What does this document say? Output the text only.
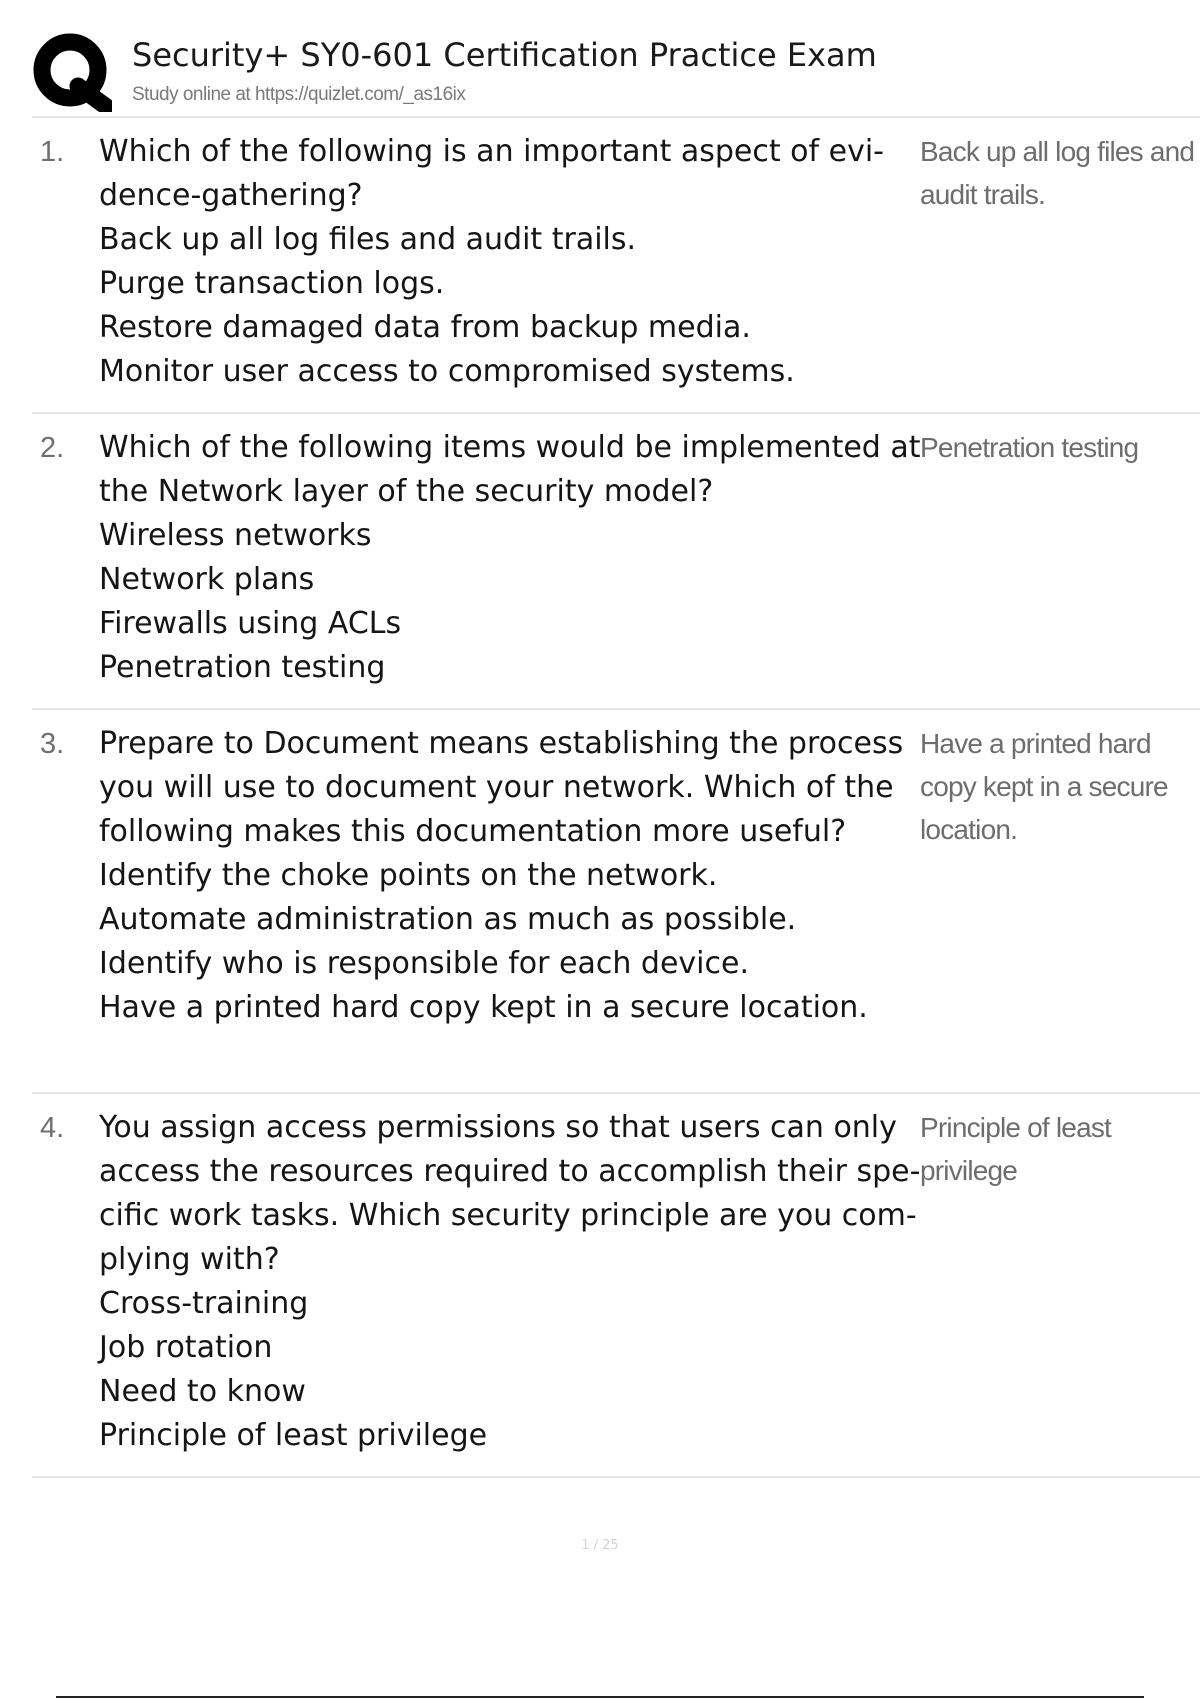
Security+ SY0-601 Certification Practice Exam
Study online at https://quizlet.com/_as16ix
1. Which of the following is an important aspect of evidence-gathering?
Back up all log files and audit trails.
Purge transaction logs.
Restore damaged data from backup media.
Monitor user access to compromised systems.
Back up all log files and audit trails.
2. Which of the following items would be implemented at the Network layer of the security model?
Wireless networks
Network plans
Firewalls using ACLs
Penetration testing
Penetration testing
3. Prepare to Document means establishing the process you will use to document your network. Which of the following makes this documentation more useful?
Identify the choke points on the network.
Automate administration as much as possible.
Identify who is responsible for each device.
Have a printed hard copy kept in a secure location.
Have a printed hard copy kept in a secure location.
4. You assign access permissions so that users can only access the resources required to accomplish their specific work tasks. Which security principle are you complying with?
Cross-training
Job rotation
Need to know
Principle of least privilege
Principle of least privilege
1 / 25
